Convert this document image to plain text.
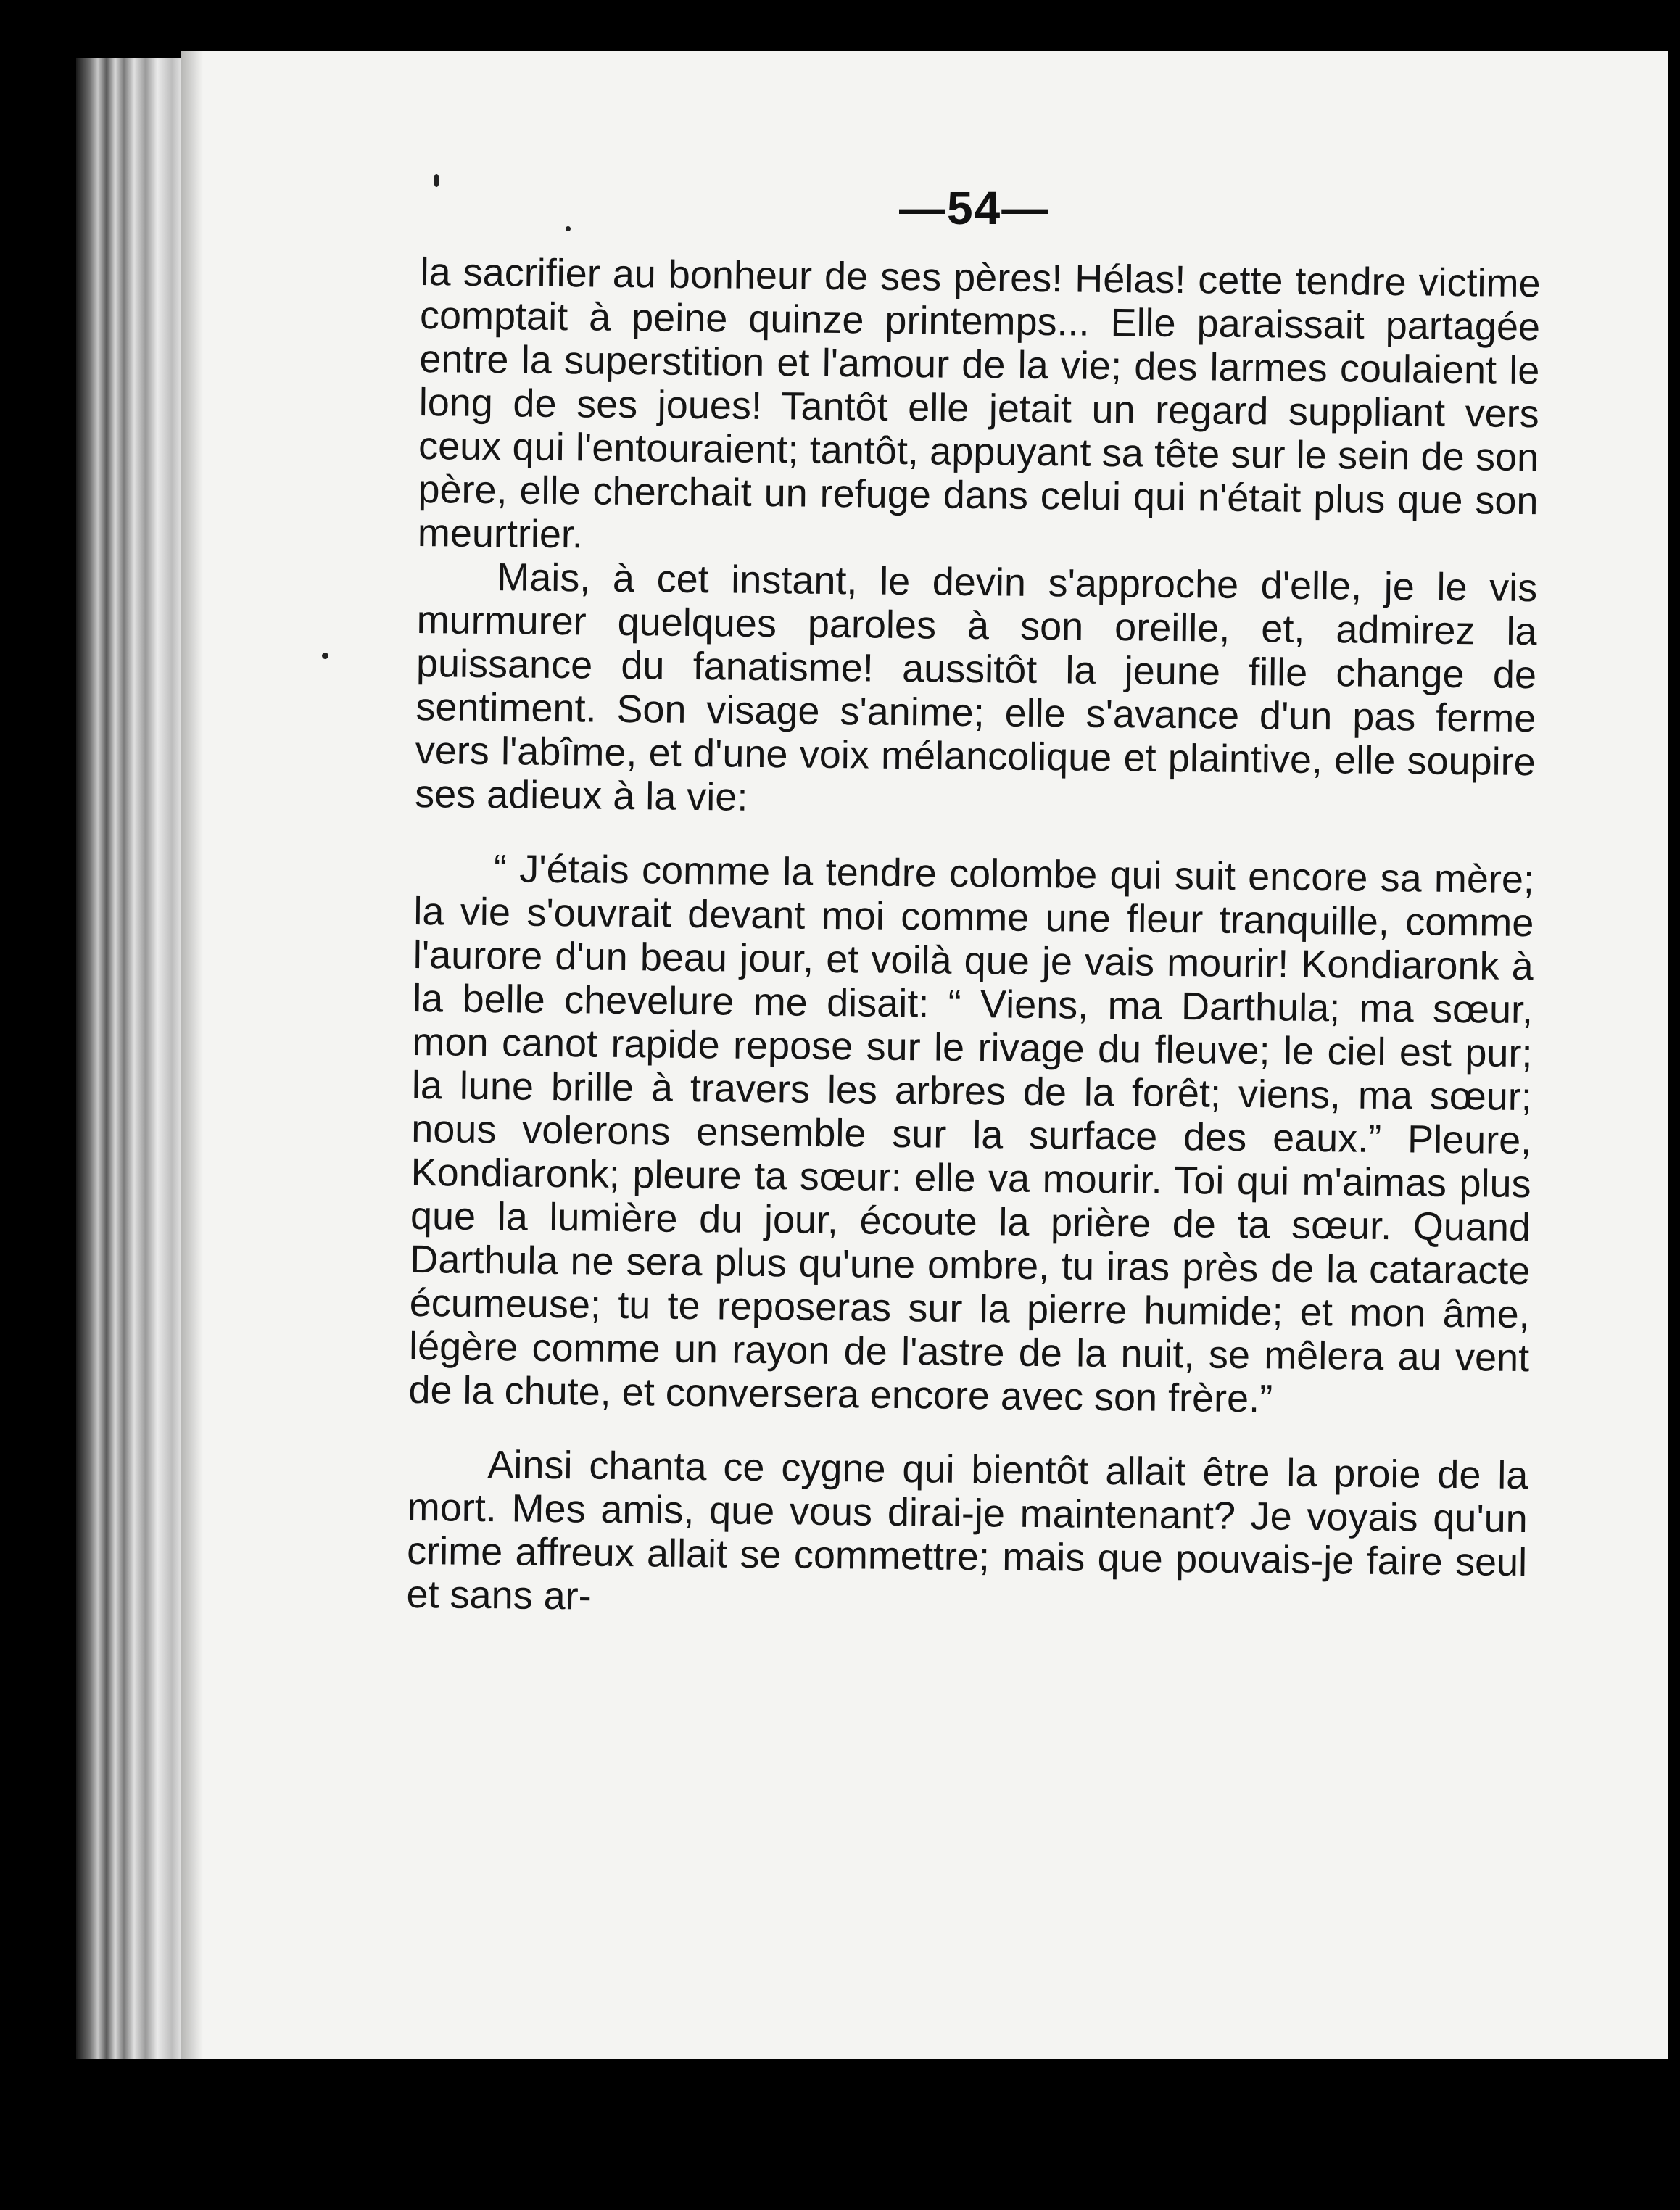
—54—

la sacrifier au bonheur de ses pères! Hélas! cette tendre victime comptait à peine quinze printemps... Elle paraissait partagée entre la superstition et l'amour de la vie; des larmes coulaient le long de ses joues! Tantôt elle jetait un regard suppliant vers ceux qui l'entouraient; tantôt, appuyant sa tête sur le sein de son père, elle cherchait un refuge dans celui qui n'était plus que son meurtrier.

Mais, à cet instant, le devin s'approche d'elle, je le vis murmurer quelques paroles à son oreille, et, admirez la puissance du fanatisme! aussitôt la jeune fille change de sentiment. Son visage s'anime; elle s'avance d'un pas ferme vers l'abîme, et d'une voix mélancolique et plaintive, elle soupire ses adieux à la vie:

“ J'étais comme la tendre colombe qui suit encore sa mère; la vie s'ouvrait devant moi comme une fleur tranquille, comme l'aurore d'un beau jour, et voilà que je vais mourir! Kondiaronk à la belle chevelure me disait: “ Viens, ma Darthula; ma sœur, mon canot rapide repose sur le rivage du fleuve; le ciel est pur; la lune brille à travers les arbres de la forêt; viens, ma sœur; nous volerons ensemble sur la surface des eaux.” Pleure, Kondiaronk; pleure ta sœur: elle va mourir. Toi qui m'aimas plus que la lumière du jour, écoute la prière de ta sœur. Quand Darthula ne sera plus qu'une ombre, tu iras près de la cataracte écumeuse; tu te reposeras sur la pierre humide; et mon âme, légère comme un rayon de l'astre de la nuit, se mêlera au vent de la chute, et conversera encore avec son frère.”

Ainsi chanta ce cygne qui bientôt allait être la proie de la mort. Mes amis, que vous dirai-je maintenant? Je voyais qu'un crime affreux allait se commettre; mais que pouvais-je faire seul et sans ar-
